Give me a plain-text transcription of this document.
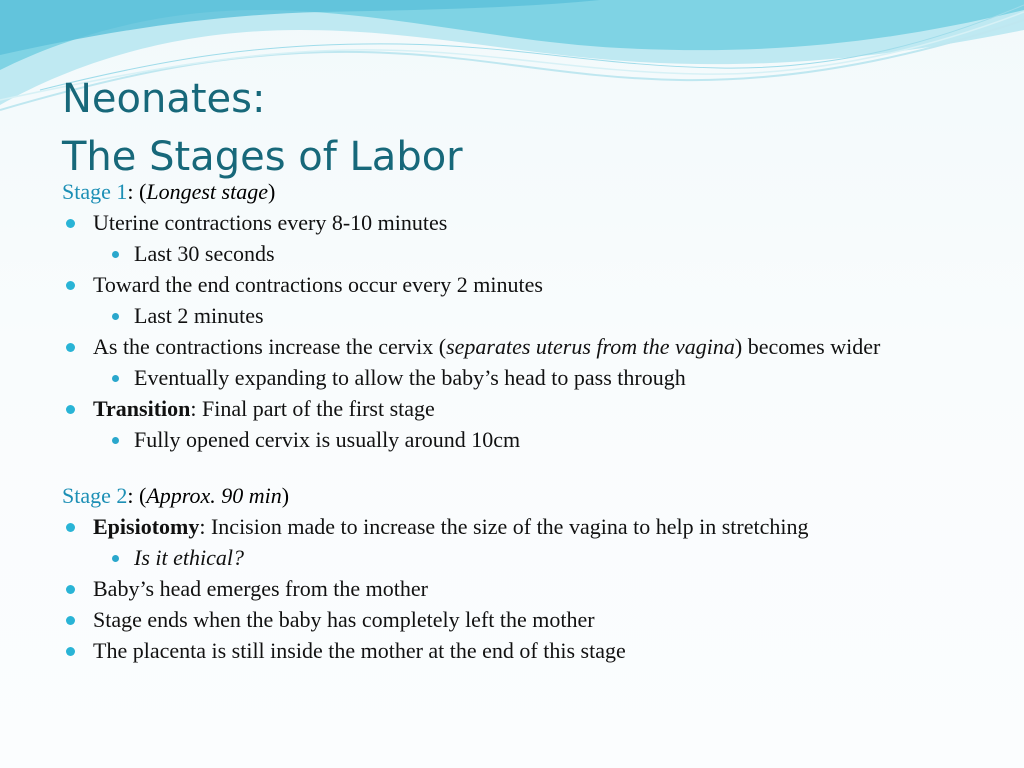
Neonates:
The Stages of Labor
Stage 1: (Longest stage)
Uterine contractions every 8-10 minutes
Last 30 seconds
Toward the end contractions occur every 2 minutes
Last 2 minutes
As the contractions increase the cervix (separates uterus from the vagina) becomes wider
Eventually expanding to allow the baby’s head to pass through
Transition: Final part of the first stage
Fully opened cervix is usually around 10cm
Stage 2: (Approx. 90 min)
Episiotomy: Incision made to increase the size of the vagina to help in stretching
Is it ethical?
Baby’s head emerges from the mother
Stage ends when the baby has completely left the mother
The placenta is still inside the mother at the end of this stage
